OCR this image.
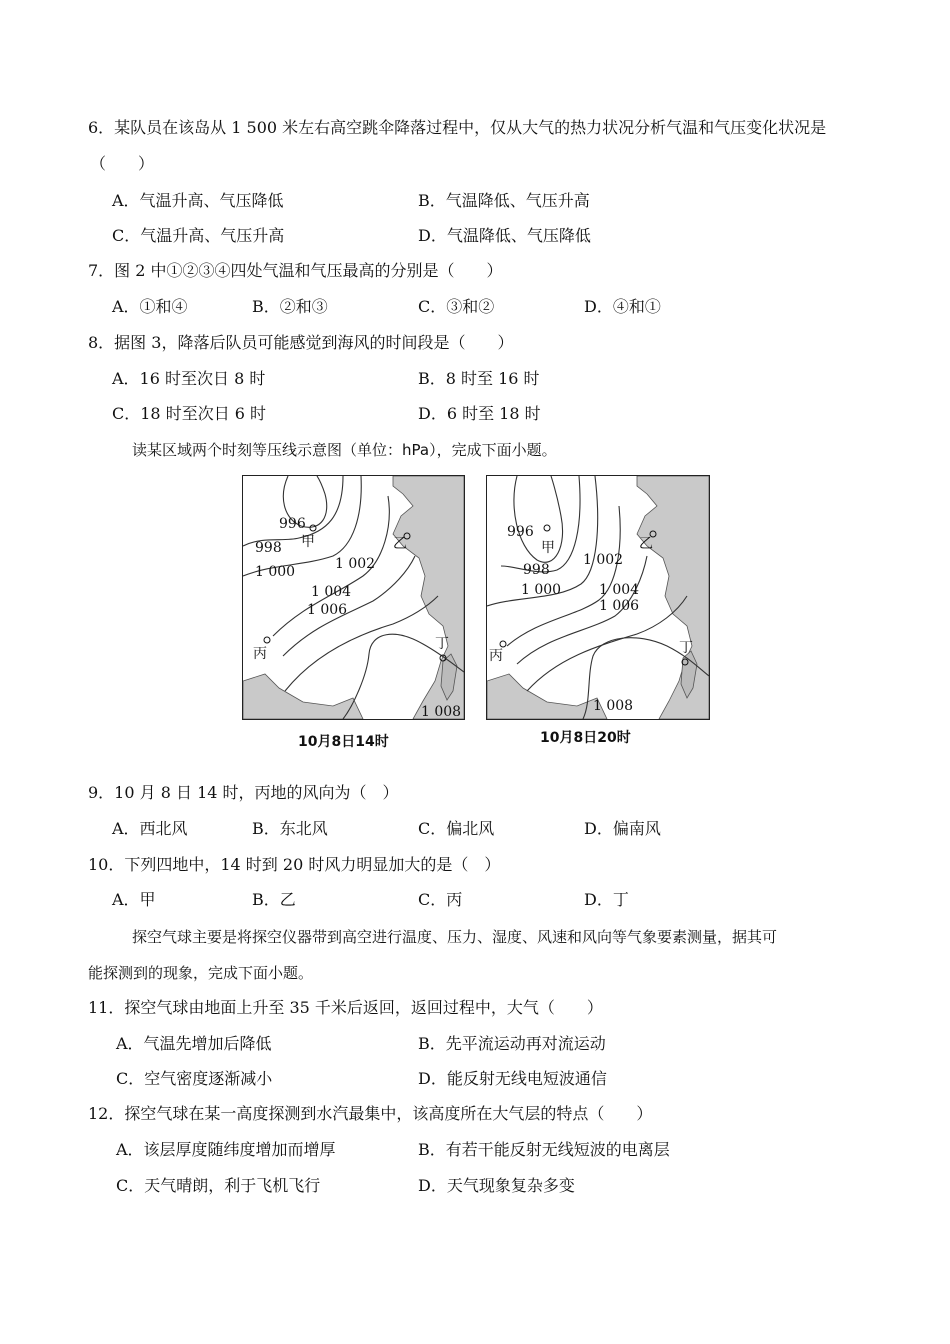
6．某队员在该岛从 1 500 米左右高空跳伞降落过程中，仅从大气的热力状况分析气温和气压变化状况是
（　　）
A．气温升高、气压降低	B．气温降低、气压升高
C．气温升高、气压升高	D．气温降低、气压降低
7．图 2 中①②③④四处气温和气压最高的分别是（　　）
A．①和④	B．②和③	C．③和②	D．④和①
8．据图 3，降落后队员可能感觉到海风的时间段是（　　）
A．16 时至次日 8 时	B．8 时至 16 时
C．18 时至次日 6 时	D．6 时至 18 时
读某区域两个时刻等压线示意图（单位：hPa），完成下面小题。
996
998
1 000	1 002
1 004
1 006
1 008
甲	乙
丙
丁
10月8日14时
996
998
1 000
1 002
1 004
1 006
1 008
甲	乙
丙	丁
10月8日20时
9．10 月 8 日 14 时，丙地的风向为（　）
A．西北风	B．东北风	C．偏北风	D．偏南风
10．下列四地中，14 时到 20 时风力明显加大的是（　）
A．甲	B．乙	C．丙	D．丁
探空气球主要是将探空仪器带到高空进行温度、压力、湿度、风速和风向等气象要素测量，据其可
能探测到的现象，完成下面小题。
11．探空气球由地面上升至 35 千米后返回，返回过程中，大气（　　）
A．气温先增加后降低	B．先平流运动再对流运动
C．空气密度逐渐减小	D．能反射无线电短波通信
12．探空气球在某一高度探测到水汽最集中，该高度所在大气层的特点（　　）
A．该层厚度随纬度增加而增厚	B．有若干能反射无线短波的电离层
C．天气晴朗，利于飞机飞行	D．天气现象复杂多变
